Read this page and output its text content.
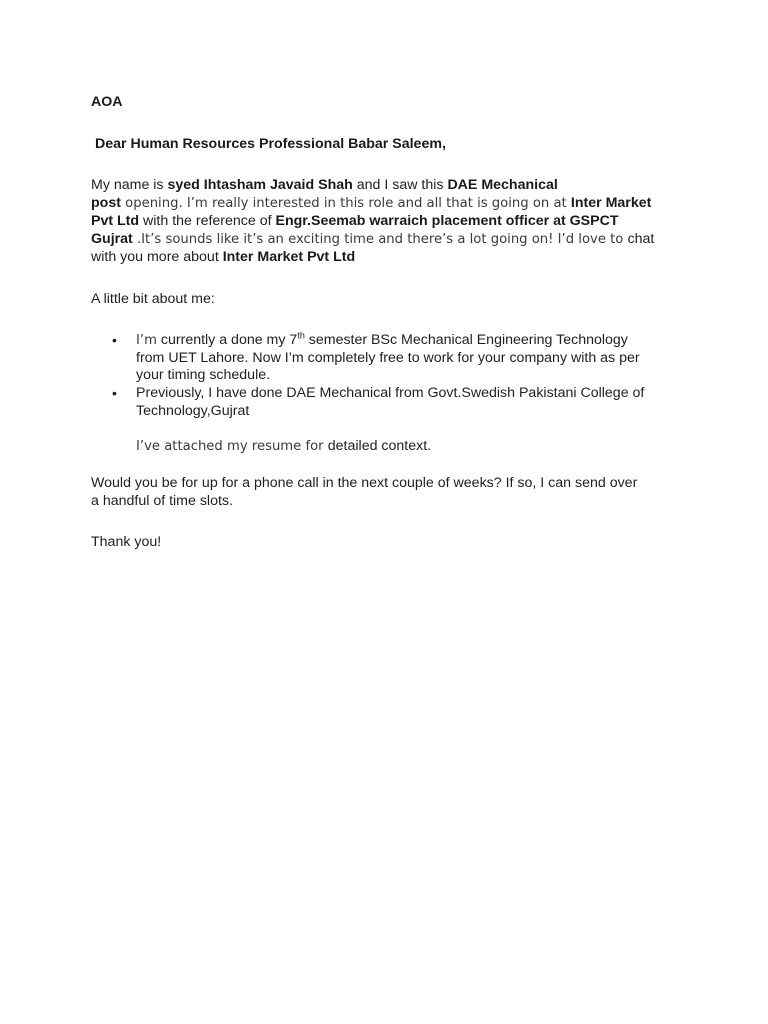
AOA
Dear Human Resources Professional Babar Saleem,
My name is syed Ihtasham Javaid Shah and I saw this DAE Mechanical
post opening. I’m really interested in this role and all that is going on at Inter Market
Pvt Ltd with the reference of Engr.Seemab warraich placement officer at GSPCT
Gujrat .It’s sounds like it’s an exciting time and there’s a lot going on! I’d love to chat
with you more about Inter Market Pvt Ltd
A little bit about me:
• I’m currently a done my 7th semester BSc Mechanical Engineering Technology
from UET Lahore. Now I’m completely free to work for your company with as per
your timing schedule.
• Previously, I have done DAE Mechanical from Govt.Swedish Pakistani College of
Technology,Gujrat
I’ve attached my resume for detailed context.
Would you be for up for a phone call in the next couple of weeks? If so, I can send over
a handful of time slots.
Thank you!
